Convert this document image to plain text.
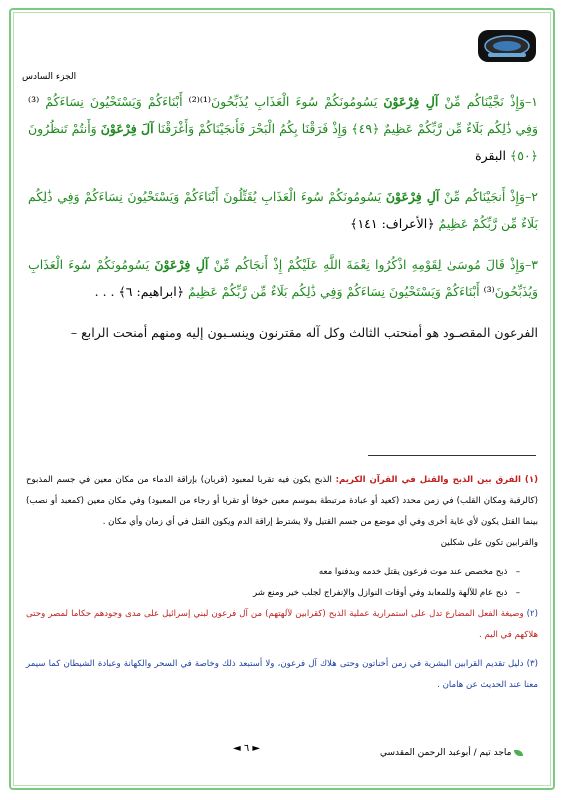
الجزء السادس

١–وَإِذْ نَجَّيْنَاكُم مِّنْ آلِ فِرْعَوْنَ يَسُومُونَكُمْ سُوءَ الْعَذَابِ يُذَبِّحُونَ⁽¹⁾⁽²⁾ أَبْنَاءَكُمْ وَيَسْتَحْيُونَ نِسَاءَكُمْ ⁽³⁾ وَفِي ذَٰلِكُم بَلَاءٌ مِّن رَّبِّكُمْ عَظِيمٌ ﴿٤٩﴾ وَإِذْ فَرَقْنَا بِكُمُ الْبَحْرَ فَأَنجَيْنَاكُمْ وَأَغْرَقْنَا آلَ فِرْعَوْنَ وَأَنتُمْ تَنظُرُونَ ﴿٥٠﴾ البقرة

٢–وَإِذْ أَنجَيْنَاكُم مِّنْ آلِ فِرْعَوْنَ يَسُومُونَكُمْ سُوءَ الْعَذَابِ يُقَتِّلُونَ أَبْنَاءَكُمْ وَيَسْتَحْيُونَ نِسَاءَكُمْ وَفِي ذَٰلِكُم بَلَاءٌ مِّن رَّبِّكُمْ عَظِيمٌ ﴿الأعراف: ١٤١﴾

٣–وَإِذْ قَالَ مُوسَىٰ لِقَوْمِهِ اذْكُرُوا نِعْمَةَ اللَّهِ عَلَيْكُمْ إِذْ أَنجَاكُم مِّنْ آلِ فِرْعَوْنَ يَسُومُونَكُمْ سُوءَ الْعَذَابِ وَيُذَبِّحُونَ⁽³⁾ أَبْنَاءَكُمْ وَيَسْتَحْيُونَ نِسَاءَكُمْ وَفِي ذَٰلِكُم بَلَاءٌ مِّن رَّبِّكُمْ عَظِيمٌ ﴿ابراهيم: ٦﴾ . . .

الفرعون المقصـود هو أمنحتب الثالث وكل آله مقترنون وينسـبون إليه ومنهم أمنحت الرابع –

(١) الفرق بين الذبح والقتل في القرآن الكريم: الذبح يكون فيه تقربا لمعبود (قربان) بإراقة الدماء من مكان معين في جسم المذبوح (كالرقبة ومكان القلب) في زمن محدد (كعيد أو عبادة مرتبطة بموسم معين خوفا أو تقربا أو رجاء من المعبود) وفي مكان معين (كمعبد أو نصب) بينما القتل يكون لأي غاية أخرى وفي أي موضع من جسم القتيل ولا يشترط إراقة الدم ويكون القتل في أي زمان وأي مكان .

والقرابين تكون على شكلين

–   ذبح مخصص عند موت فرعون يقتل خدمه وبدفنوا معه

–   ذبح عام للآلهة وللمعابد وفي أوقات النوازل والإنفراج لجلب خير ومنع شر

(٢) وصيغة الفعل المضارع تدل على استمرارية عملية الذبح (كقرابين لآلهتهم) من آل فرعون لبني إسرائيل على مدى وجودهم حكاما لمصر وحتى هلاكهم في اليم .

(٣) دليل تقديم القرابين البشرية في زمن أخناتون وحتى هلاك آل فرعون، ولا أستبعد ذلك وخاصة في السحر والكهانة وعبادة الشيطان كما سيمر معنا عند الحديث عن هامان .

◄ ٦ ►	ماجد تيم / أبوعبد الرحمن المقدسي
